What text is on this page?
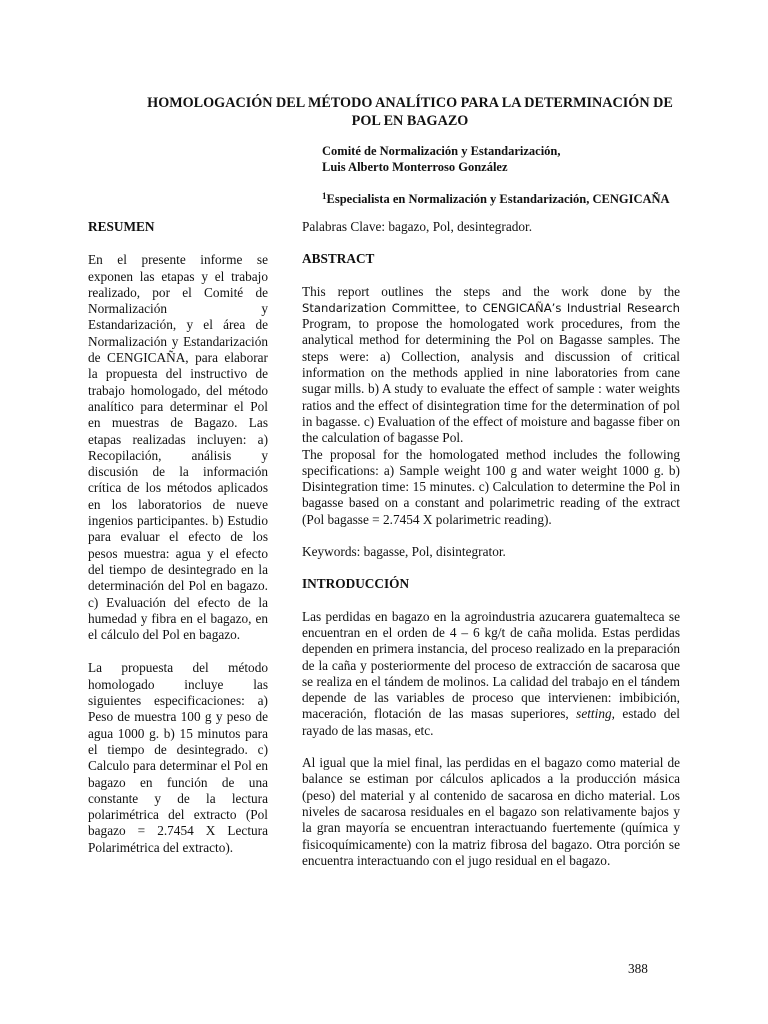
HOMOLOGACIÓN DEL MÉTODO ANALÍTICO PARA LA DETERMINACIÓN DE
POL EN BAGAZO
Comité de Normalización y Estandarización,
Luis Alberto Monterroso González
$^1$Especialista en Normalización y Estandarización, CENGICAÑA
RESUMEN

En el presente informe se exponen las etapas y el trabajo realizado, por el Comité de Normalización y Estandarización, y el área de Normalización y Estandarización de CENGICAÑA, para elaborar la propuesta del instructivo de trabajo homologado, del método analítico para determinar el Pol en muestras de Bagazo. Las etapas realizadas incluyen: a) Recopilación, análisis y discusión de la información crítica de los métodos aplicados en los laboratorios de nueve ingenios participantes. b) Estudio para evaluar el efecto de los pesos muestra: agua y el efecto del tiempo de desintegrado en la determinación del Pol en bagazo. c) Evaluación del efecto de la humedad y fibra en el bagazo, en el cálculo del Pol en bagazo.

La propuesta del método homologado incluye las siguientes especificaciones: a) Peso de muestra 100 g y peso de agua 1000 g. b) 15 minutos para el tiempo de desintegrado. c) Calculo para determinar el Pol en bagazo en función de una constante y de la lectura polarimétrica del extracto (Pol bagazo = 2.7454 X Lectura Polarimétrica del extracto).

Palabras Clave: bagazo, Pol, desintegrador.

ABSTRACT

This report outlines the steps and the work done by the Standarization Committee, to CENGICAÑA’s Industrial Research Program, to propose the homologated work procedures, from the analytical method for determining the Pol on Bagasse samples. The steps were: a) Collection, analysis and discussion of critical information on the methods applied in nine laboratories from cane sugar mills. b) A study to evaluate the effect of sample : water weights ratios and the effect of disintegration time for the determination of pol in bagasse. c) Evaluation of the effect of moisture and bagasse fiber on the calculation of bagasse Pol.

The proposal for the homologated method includes the following specifications: a) Sample weight 100 g and water weight 1000 g. b) Disintegration time: 15 minutes. c) Calculation to determine the Pol in bagasse based on a constant and polarimetric reading of the extract (Pol bagasse = 2.7454 X polarimetric reading).

Keywords: bagasse, Pol, disintegrator.

INTRODUCCIÓN

Las perdidas en bagazo en la agroindustria azucarera guatemalteca se encuentran en el orden de 4 – 6 kg/t de caña molida. Estas perdidas dependen en primera instancia, del proceso realizado en la preparación de la caña y posteriormente del proceso de extracción de sacarosa que se realiza en el tándem de molinos. La calidad del trabajo en el tándem depende de las variables de proceso que intervienen: imbibición, maceración, flotación de las masas superiores, setting, estado del rayado de las masas, etc.

Al igual que la miel final, las perdidas en el bagazo como material de balance se estiman por cálculos aplicados a la producción másica (peso) del material y al contenido de sacarosa en dicho material. Los niveles de sacarosa residuales en el bagazo son relativamente bajos y la gran mayoría se encuentran interactuando fuertemente (química y fisicoquímicamente) con la matriz fibrosa del bagazo. Otra porción se encuentra interactuando con el jugo residual en el bagazo.

388
